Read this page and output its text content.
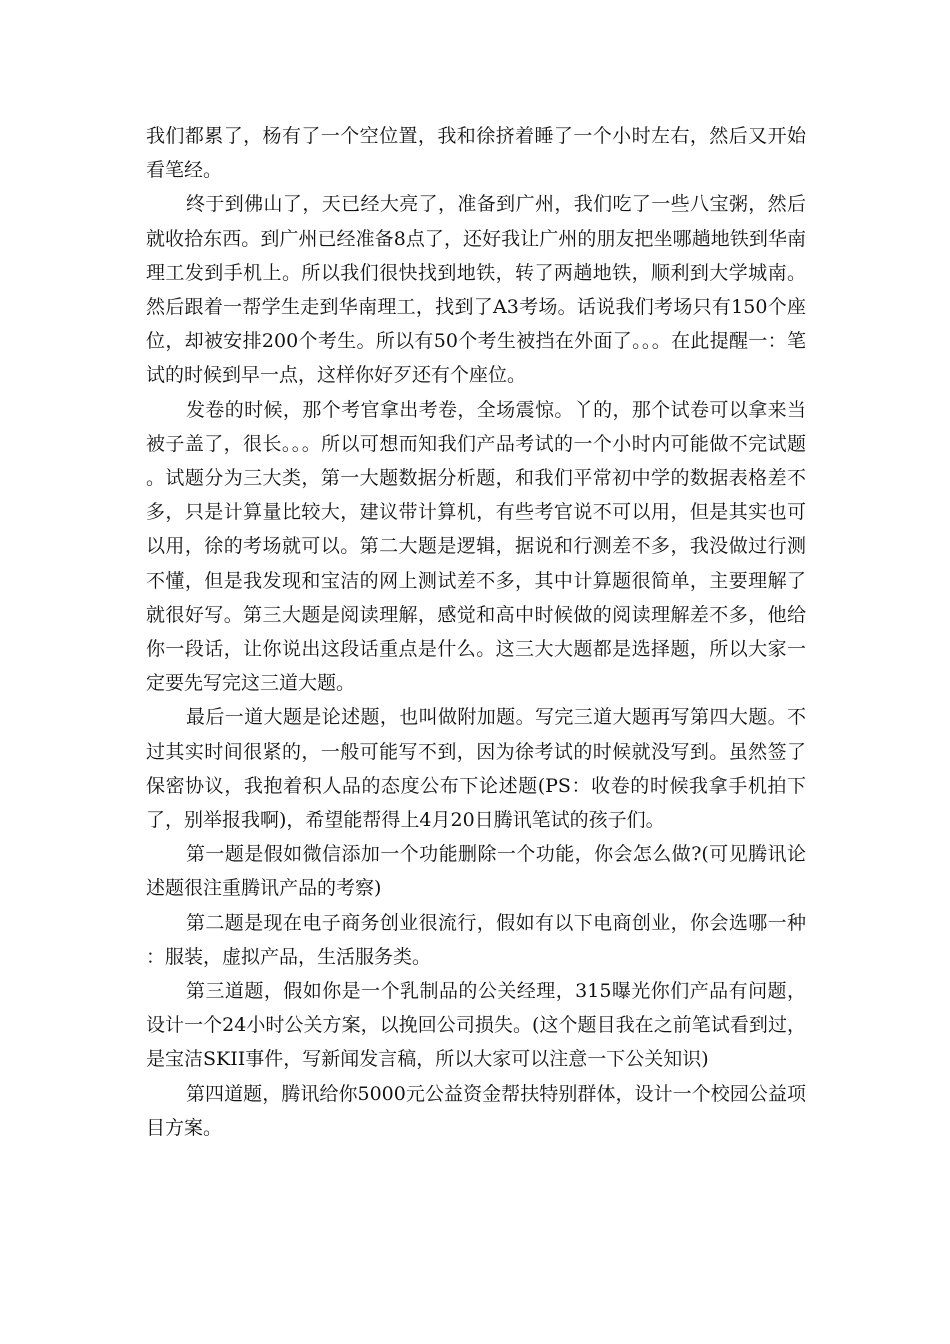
我们都累了，杨有了一个空位置，我和徐挤着睡了一个小时左右，然后又开始看笔经。

终于到佛山了，天已经大亮了，准备到广州，我们吃了一些八宝粥，然后就收拾东西。到广州已经准备8点了，还好我让广州的朋友把坐哪趟地铁到华南理工发到手机上。所以我们很快找到地铁，转了两趟地铁，顺利到大学城南。然后跟着一帮学生走到华南理工，找到了A3考场。话说我们考场只有150个座位，却被安排200个考生。所以有50个考生被挡在外面了。。。在此提醒一：笔试的时候到早一点，这样你好歹还有个座位。

发卷的时候，那个考官拿出考卷，全场震惊。丫的，那个试卷可以拿来当被子盖了，很长。。。所以可想而知我们产品考试的一个小时内可能做不完试题。试题分为三大类，第一大题数据分析题，和我们平常初中学的数据表格差不多，只是计算量比较大，建议带计算机，有些考官说不可以用，但是其实也可以用，徐的考场就可以。第二大题是逻辑，据说和行测差不多，我没做过行测不懂，但是我发现和宝洁的网上测试差不多，其中计算题很简单，主要理解了就很好写。第三大题是阅读理解，感觉和高中时候做的阅读理解差不多，他给你一段话，让你说出这段话重点是什么。这三大大题都是选择题，所以大家一定要先写完这三道大题。

最后一道大题是论述题，也叫做附加题。写完三道大题再写第四大题。不过其实时间很紧的，一般可能写不到，因为徐考试的时候就没写到。虽然签了保密协议，我抱着积人品的态度公布下论述题(PS：收卷的时候我拿手机拍下了，别举报我啊)，希望能帮得上4月20日腾讯笔试的孩子们。

第一题是假如微信添加一个功能删除一个功能，你会怎么做?(可见腾讯论述题很注重腾讯产品的考察)

第二题是现在电子商务创业很流行，假如有以下电商创业，你会选哪一种：服装，虚拟产品，生活服务类。

第三道题，假如你是一个乳制品的公关经理，315曝光你们产品有问题，设计一个24小时公关方案，以挽回公司损失。(这个题目我在之前笔试看到过，是宝洁SKII事件，写新闻发言稿，所以大家可以注意一下公关知识)

第四道题，腾讯给你5000元公益资金帮扶特别群体，设计一个校园公益项目方案。
